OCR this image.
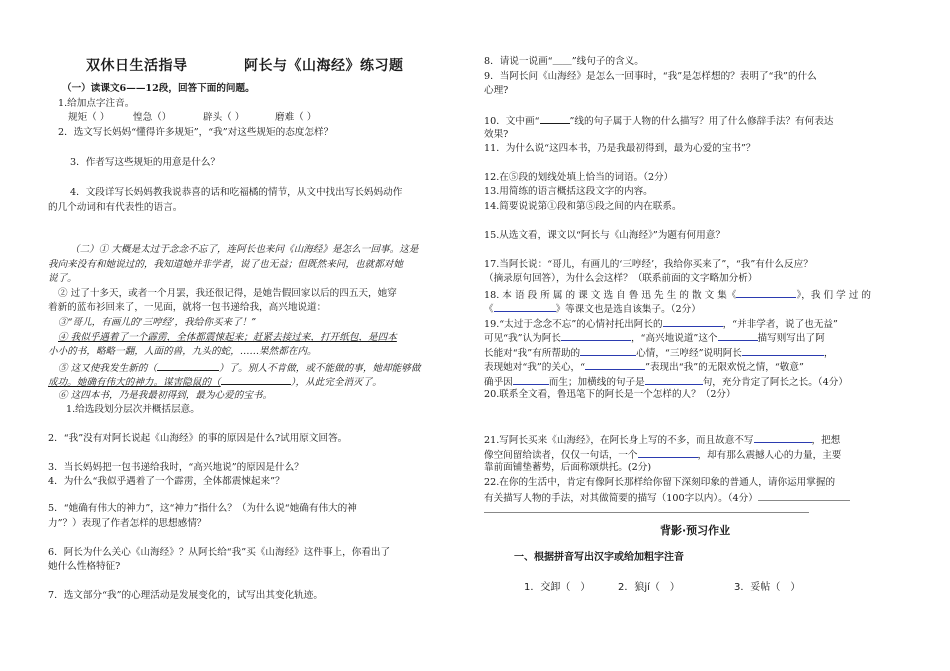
双休日生活指导	阿长与《山海经》练习题
（一）读课文6——12段，回答下面的问题。
1.给加点字注音。
规矩（ ） 惶急（）	辟头（ ）	磨难（ ）
2．选文写长妈妈“懂得许多规矩”，“我”对这些规矩的态度怎样？
3．作者写这些规矩的用意是什么？
4．文段详写长妈妈教我说恭喜的话和吃福橘的情节，从文中找出写长妈妈动作
的几个动词和有代表性的语言。
（二）① 大概是太过于念念不忘了，连阿长也来问《山海经》是怎么一回事。这是
我向来没有和她说过的，我知道她并非学者，说了也无益；但既然来问，也就都对她
说了。
② 过了十多天，或者一个月罢，我还很记得，是她告假回家以后的四五天，她穿
着新的蓝布衫回来了，一见面，就将一包书递给我，高兴地说道：
③“哥儿，有画儿的‘三哼经’，我给你买来了！”
④ 我似乎遇着了一个霹雳，全体都震悚起来；赶紧去接过来，打开纸包，是四本
小小的书，略略一翻，人面的兽，九头的蛇，……果然都在内。
⑤ 这又使我发生新的（	）了。别人不肯做，或不能做的事，她却能够做
成功。她确有伟大的神力。谋害隐鼠的（	），从此完全消灭了。
⑥ 这四本书，乃是我最初得到，最为心爱的宝书。
1.给选段划分层次并概括层意。
2．“我”没有对阿长说起《山海经》的事的原因是什么?试用原文回答。
3．当长妈妈把一包书递给我时，“高兴地说”的原因是什么？
4．为什么“我似乎遇着了一个霹雳，全体都震悚起来”？
5．“她确有伟大的神力”，这“神力”指什么？（为什么说“她确有伟大的神
力”？）表现了作者怎样的思想感情？
6．阿长为什么关心《山海经》？从阿长给“我”买《山海经》这件事上，你看出了
她什么性格特征?
7．选文部分“我”的心理活动是发展变化的，试写出其变化轨迹。
8．请说一说画“＿＿”线句子的含义。
9．当阿长问《山海经》是怎么一回事时，“我”是怎样想的？表明了“我”的什么
心理?
10．文中画“	”线的句子属于人物的什么描写？用了什么修辞手法？有何表达
效果?
11．为什么说“这四本书，乃是我最初得到，最为心爱的宝书”？
12.在⑤段的划线处填上恰当的词语。（2分）
13.用简练的语言概括这段文字的内容。
14.简要说说第①段和第⑤段之间的内在联系。
15.从选文看，课文以“阿长与《山海经》”为题有何用意？
17.当阿长说：“哥儿，有画儿的‘三哼经’，我给你买来了”，“我”有什么反应？
（摘录原句回答），为什么会这样？（联系前面的文字略加分析）
18. 本 语 段 所 属 的 课 文 选 自 鲁 迅 先 生 的 散 文 集《	》，我 们 学 过 的
《	》等课文也是选自该集子。（2分）
19.“太过于念念不忘”的心情衬托出阿长的	，“并非学者，说了也无益”
可见“我”认为阿长	，“高兴地说道”这个	描写则写出了阿
长能对“我”有所帮助的	心情，“三哼经”说明阿长	，
表现她对“我”的关心，“	”表现出“我”的无限欢悦之情，“敬意”
确乎因	而生；加横线的句子是	句，充分肯定了阿长之长。（4分）
20.联系全文看，鲁迅笔下的阿长是一个怎样的人？（2分）
21.写阿长买来《山海经》，在阿长身上写的不多，而且故意不写	，把想
像空间留给读者，仅仅一句话，一个	，却有那么震撼人心的力量，主要
靠前面铺垫蓄势，后面称颂烘托。(2分)
22.在你的生活中，肯定有像阿长那样给你留下深刻印象的普通人，请你运用掌握的
有关描写人物的手法，对其做简要的描写（100字以内）。（4分）
背影·预习作业
一、根据拼音写出汉字或给加粗字注音
1．交卸（　）	2．狼jí（　）	3．妥帖（　）
